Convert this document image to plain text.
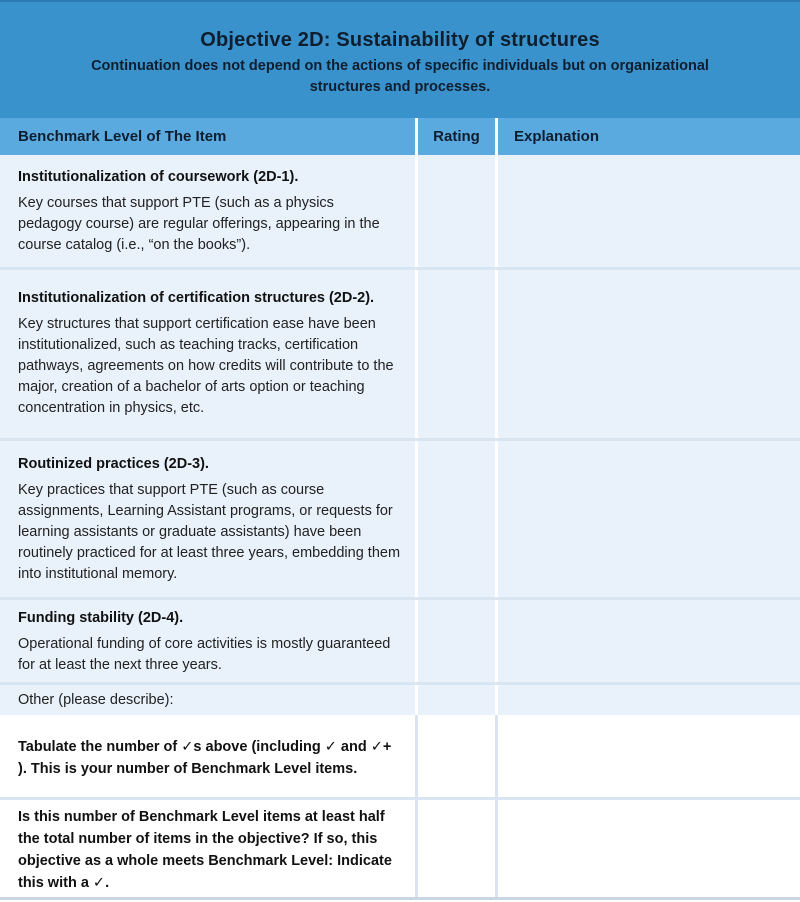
Objective 2D: Sustainability of structures
Continuation does not depend on the actions of specific individuals but on organizational structures and processes.
Benchmark Level of The Item	Rating	Explanation
Institutionalization of coursework (2D-1).
Key courses that support PTE (such as a physics pedagogy course) are regular offerings, appearing in the course catalog (i.e., “on the books”).
Institutionalization of certification structures (2D-2).
Key structures that support certification ease have been institutionalized, such as teaching tracks, certification pathways, agreements on how credits will contribute to the major, creation of a bachelor of arts option or teaching concentration in physics, etc.
Routinized practices (2D-3).
Key practices that support PTE (such as course assignments, Learning Assistant programs, or requests for learning assistants or graduate assistants) have been routinely practiced for at least three years, embedding them into institutional memory.
Funding stability (2D-4).
Operational funding of core activities is mostly guaranteed for at least the next three years.
Other (please describe):
Tabulate the number of ✓s above (including ✓ and ✓+ ). This is your number of Benchmark Level items.
Is this number of Benchmark Level items at least half the total number of items in the objective? If so, this objective as a whole meets Benchmark Level: Indicate this with a ✓.
